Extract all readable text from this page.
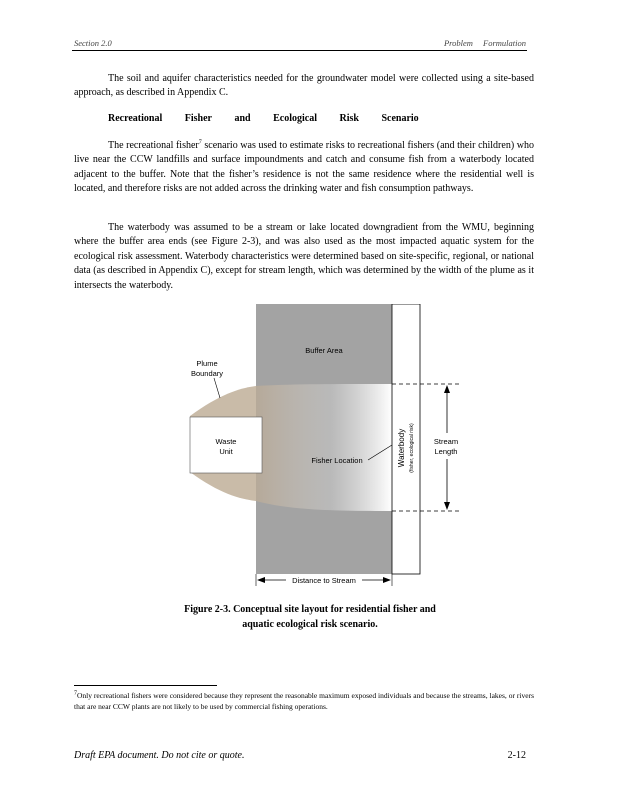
Section 2.0	Problem Formulation

The soil and aquifer characteristics needed for the groundwater model were collected using a site-based approach, as described in Appendix C.

Recreational Fisher and Ecological Risk Scenario

The recreational fisher$^7$ scenario was used to estimate risks to recreational fishers (and their children) who live near the CCW landfills and surface impoundments and catch and consume fish from a waterbody located adjacent to the buffer. Note that the fisher’s residence is not the same residence where the residential well is located, and therefore risks are not added across the drinking water and fish consumption pathways.

The waterbody was assumed to be a stream or lake located downgradient from the WMU, beginning where the buffer area ends (see Figure 2-3), and was also used as the most impacted aquatic system for the ecological risk assessment. Waterbody characteristics were determined based on site-specific, regional, or national data (as described in Appendix C), except for stream length, which was determined by the width of the plume as it intersects the waterbody.

Buffer Area
Plume
Boundary
Waste
Unit
Fisher Location
Stream
Length
Distance to Stream
Waterbody (fisher, ecological risk)
Figure 2-3. Conceptual site layout for residential fisher and
aquatic ecological risk scenario.

$^7$Only recreational fishers were considered because they represent the reasonable maximum exposed individuals and because the streams, lakes, or rivers that are near CCW plants are not likely to be used by commercial fishing operations.

Draft EPA document. Do not cite or quote.	2-12
